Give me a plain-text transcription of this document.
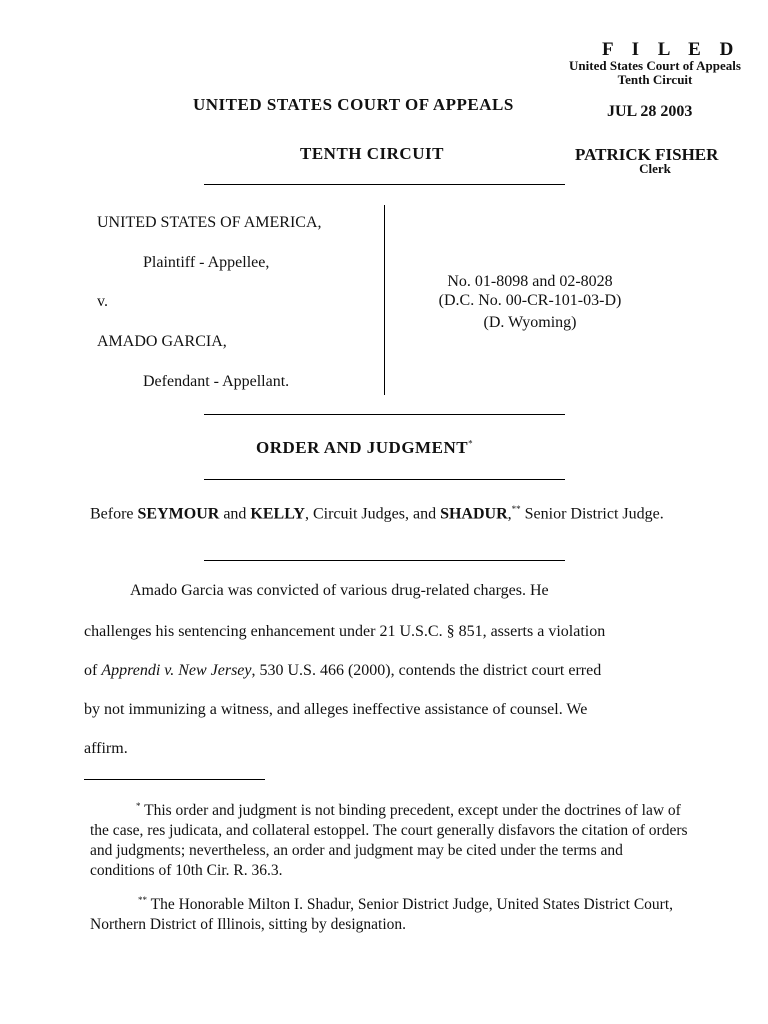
F I L E D
United States Court of Appeals
Tenth Circuit
JUL 28 2003
PATRICK FISHER
Clerk
UNITED STATES COURT OF APPEALS
TENTH CIRCUIT
UNITED STATES OF AMERICA,
Plaintiff - Appellee,
v.
AMADO GARCIA,
Defendant - Appellant.
No. 01-8098 and 02-8028
(D.C. No. 00-CR-101-03-D)
(D. Wyoming)
ORDER AND JUDGMENT*
Before SEYMOUR and KELLY, Circuit Judges, and SHADUR,** Senior District Judge.
Amado Garcia was convicted of various drug-related charges. He
challenges his sentencing enhancement under 21 U.S.C. § 851, asserts a violation
of Apprendi v. New Jersey, 530 U.S. 466 (2000), contends the district court erred
by not immunizing a witness, and alleges ineffective assistance of counsel. We
affirm.
* This order and judgment is not binding precedent, except under the doctrines of law of the case, res judicata, and collateral estoppel. The court generally disfavors the citation of orders and judgments; nevertheless, an order and judgment may be cited under the terms and conditions of 10th Cir. R. 36.3.
** The Honorable Milton I. Shadur, Senior District Judge, United States District Court, Northern District of Illinois, sitting by designation.
